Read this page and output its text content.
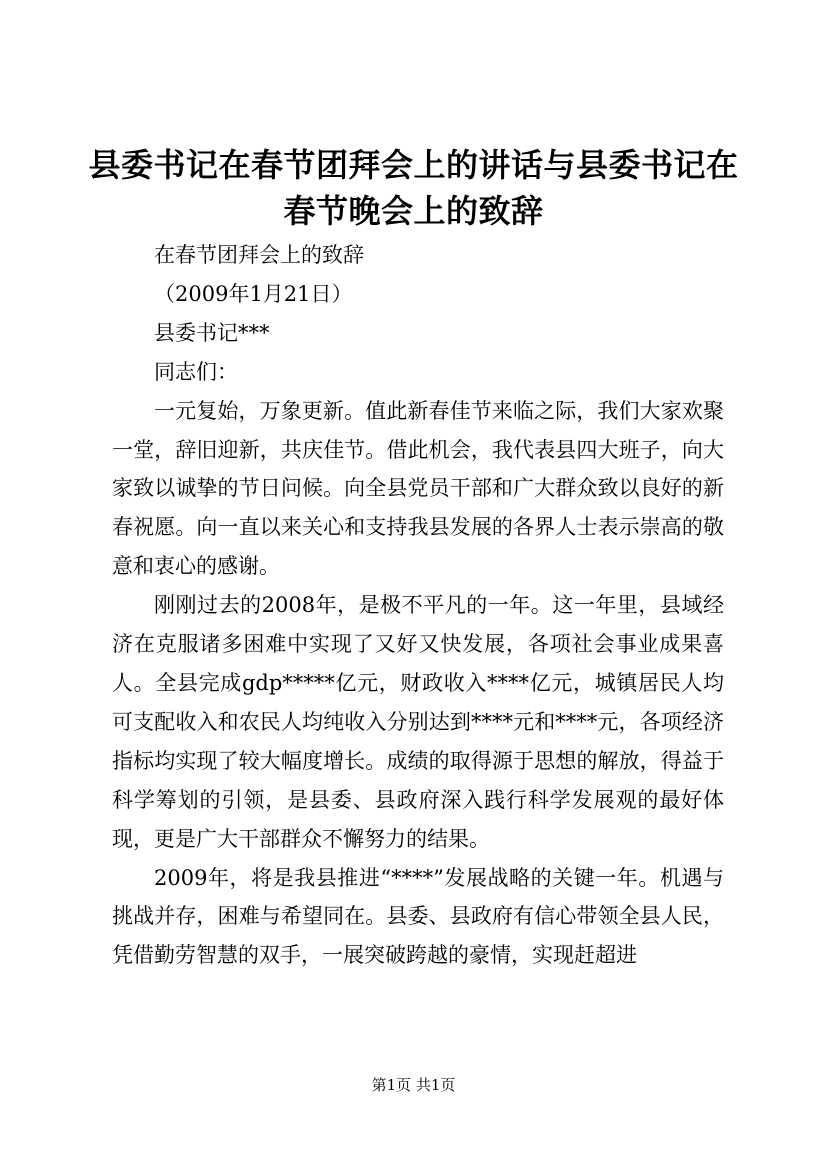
县委书记在春节团拜会上的讲话与县委书记在
春节晚会上的致辞

在春节团拜会上的致辞

（2009年1月21日）

县委书记***

同志们：

一元复始，万象更新。值此新春佳节来临之际，我们大家欢聚一堂，辞旧迎新，共庆佳节。借此机会，我代表县四大班子，向大家致以诚挚的节日问候。向全县党员干部和广大群众致以良好的新春祝愿。向一直以来关心和支持我县发展的各界人士表示崇高的敬意和衷心的感谢。

刚刚过去的2008年，是极不平凡的一年。这一年里，县域经济在克服诸多困难中实现了又好又快发展，各项社会事业成果喜人。全县完成gdp*****亿元，财政收入****亿元，城镇居民人均可支配收入和农民人均纯收入分别达到****元和****元，各项经济指标均实现了较大幅度增长。成绩的取得源于思想的解放，得益于科学筹划的引领，是县委、县政府深入践行科学发展观的最好体现，更是广大干部群众不懈努力的结果。

2009年，将是我县推进“****”发展战略的关键一年。机遇与挑战并存，困难与希望同在。县委、县政府有信心带领全县人民，凭借勤劳智慧的双手，一展突破跨越的豪情，实现赶超进

第1页 共1页
